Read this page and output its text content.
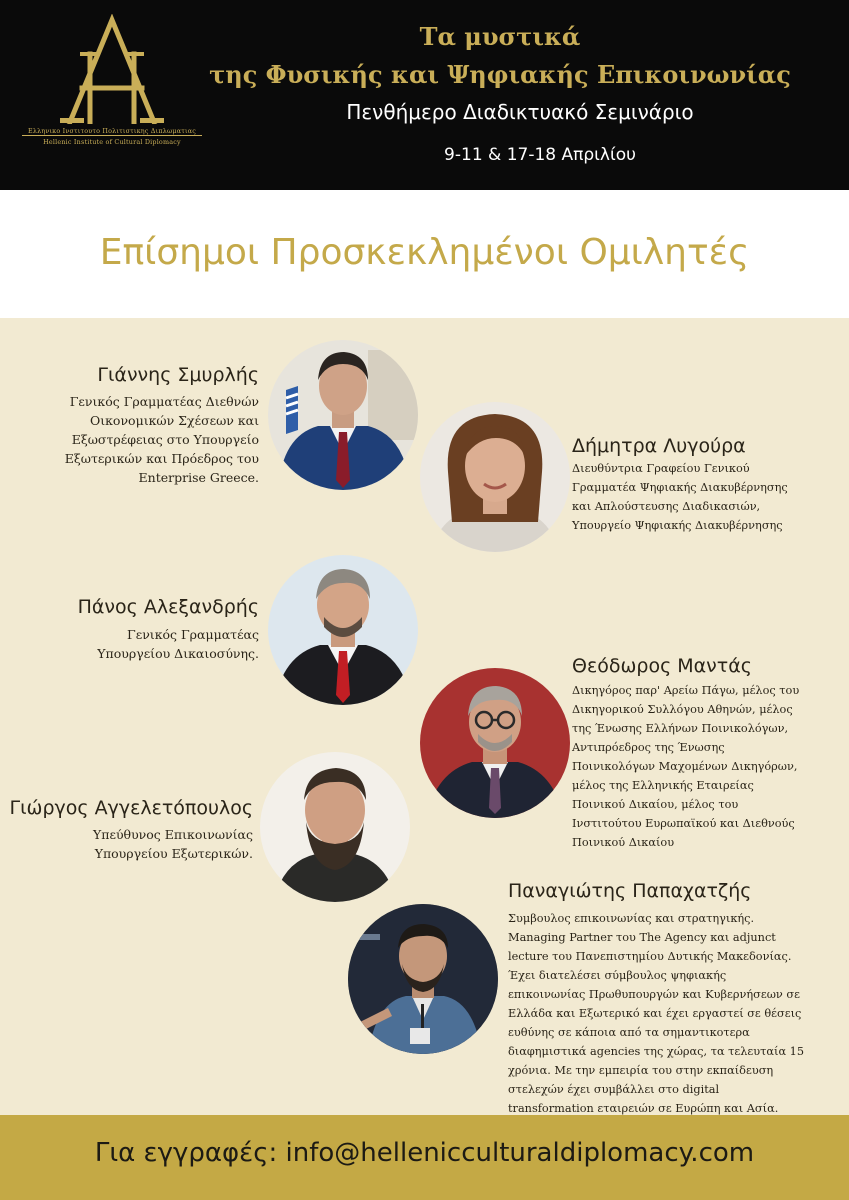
Ελληνικο Ινστιτουτο Πολιτιστικης Διπλωματιας
Hellenic Institute of Cultural Diplomacy
Τα μυστικά
της Φυσικής και Ψηφιακής Επικοινωνίας
Πενθήμερο Διαδικτυακό Σεμινάριο
9-11 & 17-18 Απριλίου
Επίσημοι Προσκεκλημένοι Ομιλητές
Γιάννης Σμυρλής
Γενικός Γραμματέας Διεθνών
Οικονομικών Σχέσεων και
Εξωστρέφειας στο Υπουργείο
Εξωτερικών και Πρόεδρος του
Enterprise Greece.
Δήμητρα Λυγούρα
Διευθύντρια Γραφείου Γενικού
Γραμματέα Ψηφιακής Διακυβέρνησης
και Απλούστευσης Διαδικασιών,
Υπουργείο Ψηφιακής Διακυβέρνησης
Πάνος Αλεξανδρής
Γενικός Γραμματέας
Υπουργείου Δικαιοσύνης.
Θεόδωρος Μαντάς
Δικηγόρος παρ' Αρείω Πάγω, μέλος του
Δικηγορικού Συλλόγου Αθηνών, μέλος
της Ένωσης Ελλήνων Ποινικολόγων,
Αντιπρόεδρος της Ένωσης
Ποινικολόγων Μαχομένων Δικηγόρων,
μέλος της Ελληνικής Εταιρείας
Ποινικού Δικαίου, μέλος του
Ινστιτούτου Ευρωπαϊκού και Διεθνούς
Ποινικού Δικαίου
Γιώργος Αγγελετόπουλος
Υπεύθυνος Επικοινωνίας
Υπουργείου Εξωτερικών.
Παναγιώτης Παπαχατζής
Συμβουλος επικοινωνίας και στρατηγικής.
Managing Partner του The Agency και adjunct
lecture του Πανεπιστημίου Δυτικής Μακεδονίας.
Έχει διατελέσει σύμβουλος ψηφιακής
επικοινωνίας Πρωθυπουργών και Κυβερνήσεων σε
Ελλάδα και Εξωτερικό και έχει εργαστεί σε θέσεις
ευθύνης σε κάποια από τα σημαντικοτερα
διαφημιστικά agencies της χώρας, τα τελευταία 15
χρόνια. Με την εμπειρία του στην εκπαίδευση
στελεχών έχει συμβάλλει στο digital
transformation εταιρειών σε Ευρώπη και Ασία.
Για εγγραφές: info@hellenicculturaldiplomacy.com
